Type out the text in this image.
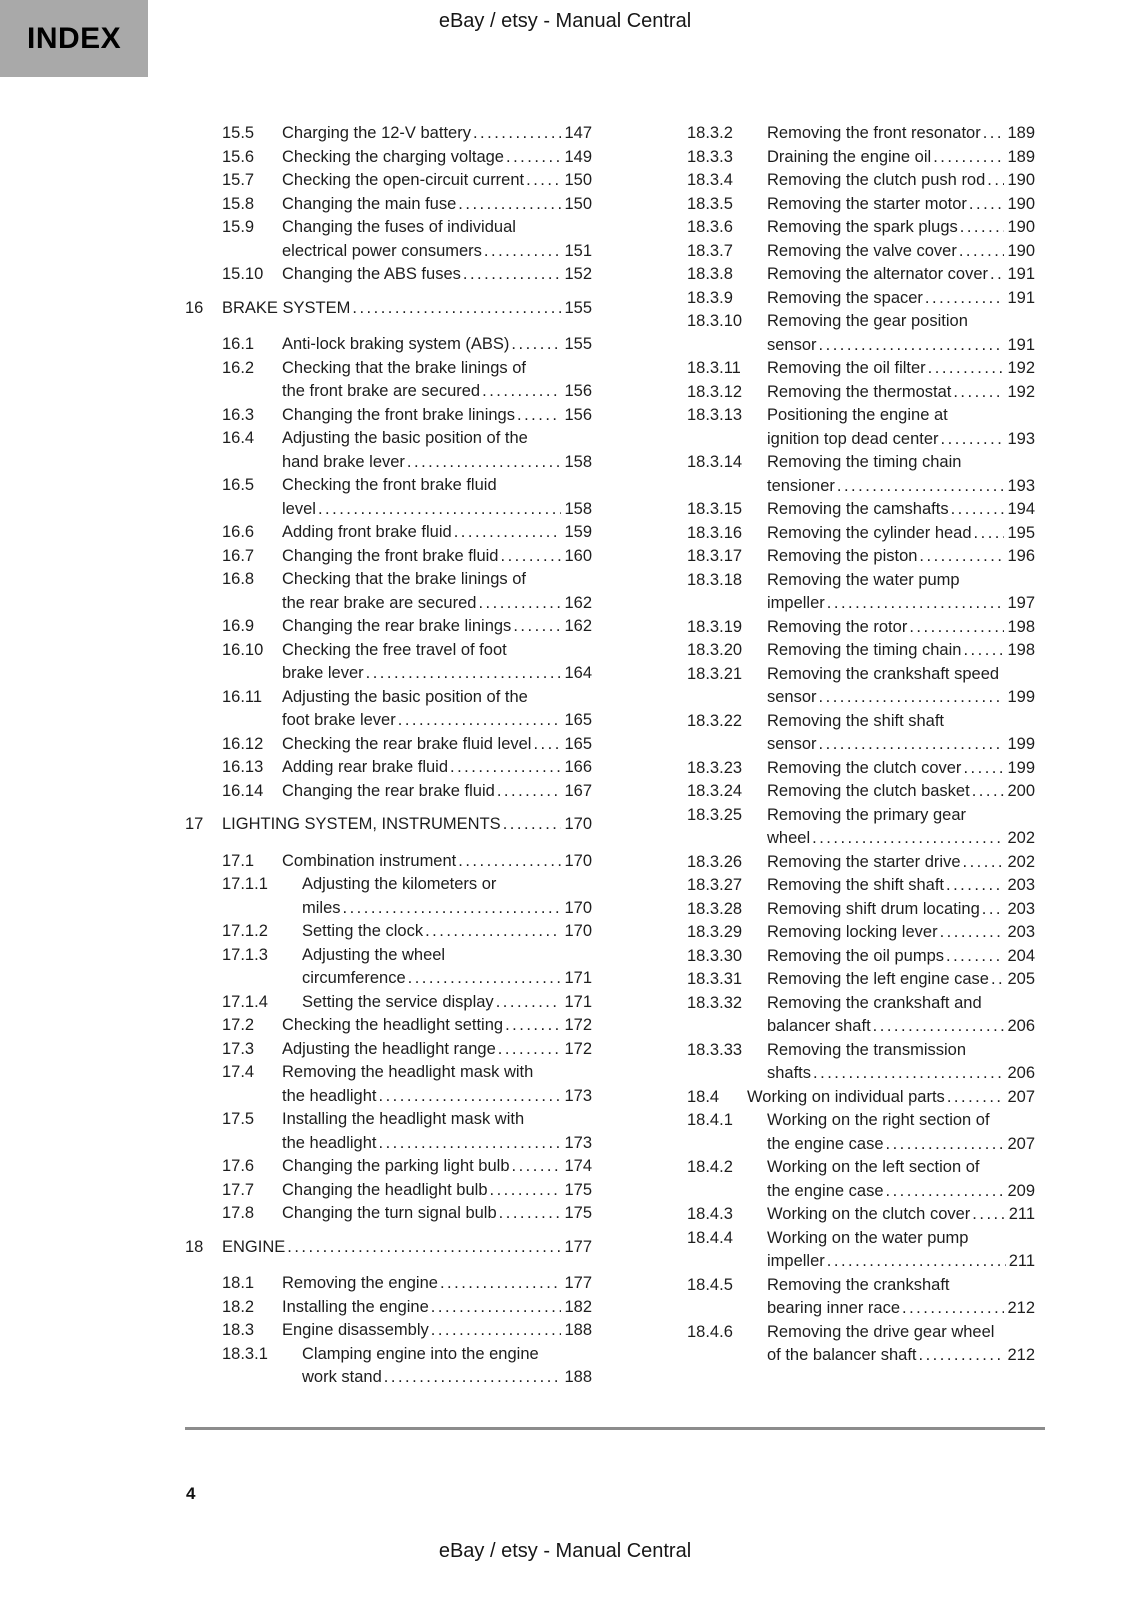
INDEX
eBay / etsy - Manual Central
15.5	Charging the 12-V battery .....	147
15.6	Checking the charging voltage .....	149
15.7	Checking the open-circuit current ..... 150
15.8	Changing the main fuse .....	150
15.9	Changing the fuses of individual
electrical power consumers .....	151
15.10	Changing the ABS fuses .....	152
16	BRAKE SYSTEM .....	155
16.1	Anti-lock braking system (ABS) .....	155
16.2	Checking that the brake linings of
the front brake are secured .....	156
16.3	Changing the front brake linings .....	156
16.4	Adjusting the basic position of the
hand brake lever .....	158
16.5	Checking the front brake fluid
level .....	158
16.6	Adding front brake fluid .....	159
16.7	Changing the front brake fluid .....	160
16.8	Checking that the brake linings of
the rear brake are secured .....	162
16.9	Changing the rear brake linings .....	162
16.10	Checking the free travel of foot
brake lever .....	164
16.11	Adjusting the basic position of the
foot brake lever .....	165
16.12	Checking the rear brake fluid level ..... 165
16.13	Adding rear brake fluid .....	166
16.14	Changing the rear brake fluid .....	167
17	LIGHTING SYSTEM, INSTRUMENTS .....	170
17.1	Combination instrument .....	170
17.1.1	Adjusting the kilometers or
miles .....	170
17.1.2	Setting the clock .....	170
17.1.3	Adjusting the wheel
circumference .....	171
17.1.4	Setting the service display .....	171
17.2	Checking the headlight setting .....	172
17.3	Adjusting the headlight range .....	172
17.4	Removing the headlight mask with
the headlight .....	173
17.5	Installing the headlight mask with
the headlight .....	173
17.6	Changing the parking light bulb .....	174
17.7	Changing the headlight bulb .....	175
17.8	Changing the turn signal bulb .....	175
18	ENGINE .....	177
18.1	Removing the engine .....	177
18.2	Installing the engine .....	182
18.3	Engine disassembly .....	188
18.3.1	Clamping engine into the engine
work stand .....	188
18.3.2	Removing the front resonator ..... 189
18.3.3	Draining the engine oil .....	189
18.3.4	Removing the clutch push rod ..... 190
18.3.5	Removing the starter motor ..... 190
18.3.6	Removing the spark plugs .....	190
18.3.7	Removing the valve cover .....	190
18.3.8	Removing the alternator cover ..... 191
18.3.9	Removing the spacer .....	191
18.3.10	Removing the gear position
sensor .....	191
18.3.11	Removing the oil filter .....	192
18.3.12	Removing the thermostat .....	192
18.3.13	Positioning the engine at
ignition top dead center .....	193
18.3.14	Removing the timing chain
tensioner .....	193
18.3.15	Removing the camshafts .....	194
18.3.16	Removing the cylinder head ..... 195
18.3.17	Removing the piston .....	196
18.3.18	Removing the water pump
impeller .....	197
18.3.19	Removing the rotor .....	198
18.3.20	Removing the timing chain .....	198
18.3.21	Removing the crankshaft speed
sensor .....	199
18.3.22	Removing the shift shaft
sensor .....	199
18.3.23	Removing the clutch cover .....	199
18.3.24	Removing the clutch basket ..... 200
18.3.25	Removing the primary gear
wheel .....	202
18.3.26	Removing the starter drive .....	202
18.3.27	Removing the shift shaft .....	203
18.3.28	Removing shift drum locating ..... 203
18.3.29	Removing locking lever .....	203
18.3.30	Removing the oil pumps .....	204
18.3.31	Removing the left engine case ..... 205
18.3.32	Removing the crankshaft and
balancer shaft .....	206
18.3.33	Removing the transmission
shafts .....	206
18.4	Working on individual parts .....	207
18.4.1	Working on the right section of
the engine case .....	207
18.4.2	Working on the left section of
the engine case .....	209
18.4.3	Working on the clutch cover ..... 211
18.4.4	Working on the water pump
impeller .....	211
18.4.5	Removing the crankshaft
bearing inner race .....	212
18.4.6	Removing the drive gear wheel
of the balancer shaft .....	212
4
eBay / etsy - Manual Central
